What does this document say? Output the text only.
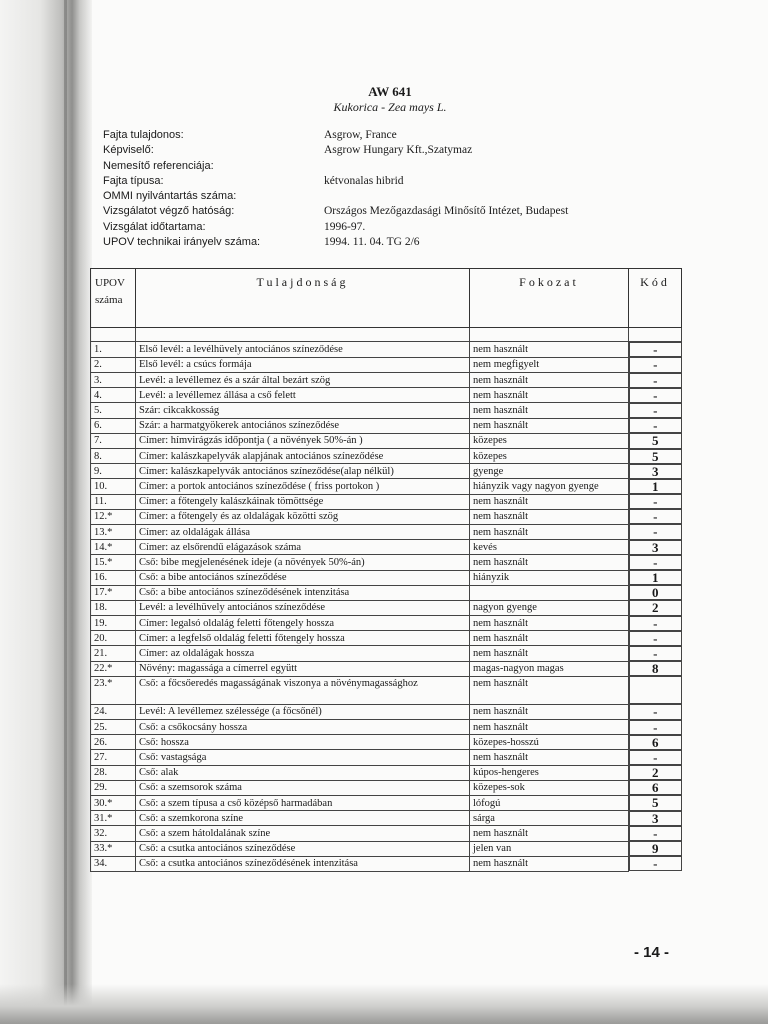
AW 641
Kukorica - Zea mays L.
Fajta tulajdonos:	Asgrow, France
Képviselő:	Asgrow Hungary Kft.,Szatymaz
Nemesítő referenciája:
Fajta típusa:	kétvonalas hibrid
OMMI nyilvántartás száma:
Vizsgálatot végző hatóság:	Országos Mezőgazdasági Minősítő Intézet, Budapest
Vizsgálat időtartama:	1996-97.
UPOV technikai irányelv száma:	1994. 11. 04. TG 2/6
UPOV száma	Tulajdonság	Fokozat	Kód

1.	Első levél: a levélhüvely antociános színeződése	nem használt		-

2.	Első levél: a csúcs formája	nem megfigyelt		-

3.	Levél: a levéllemez és a szár által bezárt szög	nem használt		-

4.	Levél: a levéllemez állása a cső felett	nem használt		-

5.	Szár: cikcakkosság	nem használt		-

6.	Szár: a harmatgyökerek antociános színeződése	nem használt		-

7.	Címer: hímvirágzás időpontja ( a növények 50%-án )	közepes		5

8.	Címer: kalászkapelyvák alapjának antociános színeződése	közepes		5

9.	Címer: kalászkapelyvák antociános színeződése(alap nélkül)	gyenge		3

10.	Címer: a portok antociános színeződése ( friss portokon )	hiányzik vagy nagyon gyenge		1

11.	Címer: a főtengely kalászkáinak tömöttsége	nem használt		-

12.*	Címer: a főtengely és az oldalágak közötti szög	nem használt		-

13.*	Címer: az oldalágak állása	nem használt		-

14.*	Címer: az elsőrendű elágazások száma	kevés		3

15.*	Cső: bibe megjelenésének ideje (a növények 50%-án)	nem használt		-

16.	Cső: a bibe antociános színeződése	hiányzik		1

17.*	Cső: a bibe antociános színeződésének intenzitása			0

18.	Levél: a levélhüvely antociános színeződése	nagyon gyenge		2

19.	Címer: legalsó oldalág feletti főtengely hossza	nem használt		-

20.	Címer: a legfelső oldalág feletti főtengely hossza	nem használt		-

21.	Címer: az oldalágak hossza	nem használt		-

22.*	Növény: magassága a címerrel együtt	magas-nagyon magas		8

23.*	Cső: a főcsőeredés magasságának viszonya a növénymagassághoz	nem használt	

24.	Levél: A levéllemez szélessége (a főcsőnél)	nem használt		-

25.	Cső: a csőkocsány hossza	nem használt		-

26.	Cső: hossza	közepes-hosszú		6

27.	Cső: vastagsága	nem használt		-

28.	Cső: alak	kúpos-hengeres		2

29.	Cső: a szemsorok száma	közepes-sok		6

30.*	Cső: a szem típusa a cső középső harmadában	lófogú		5

31.*	Cső: a szemkorona színe	sárga		3

32.	Cső: a szem hátoldalának színe	nem használt		-

33.*	Cső: a csutka antociános színeződése	jelen van		9

34.	Cső: a csutka antociános színeződésének intenzitása	nem használt		-
- 14 -
